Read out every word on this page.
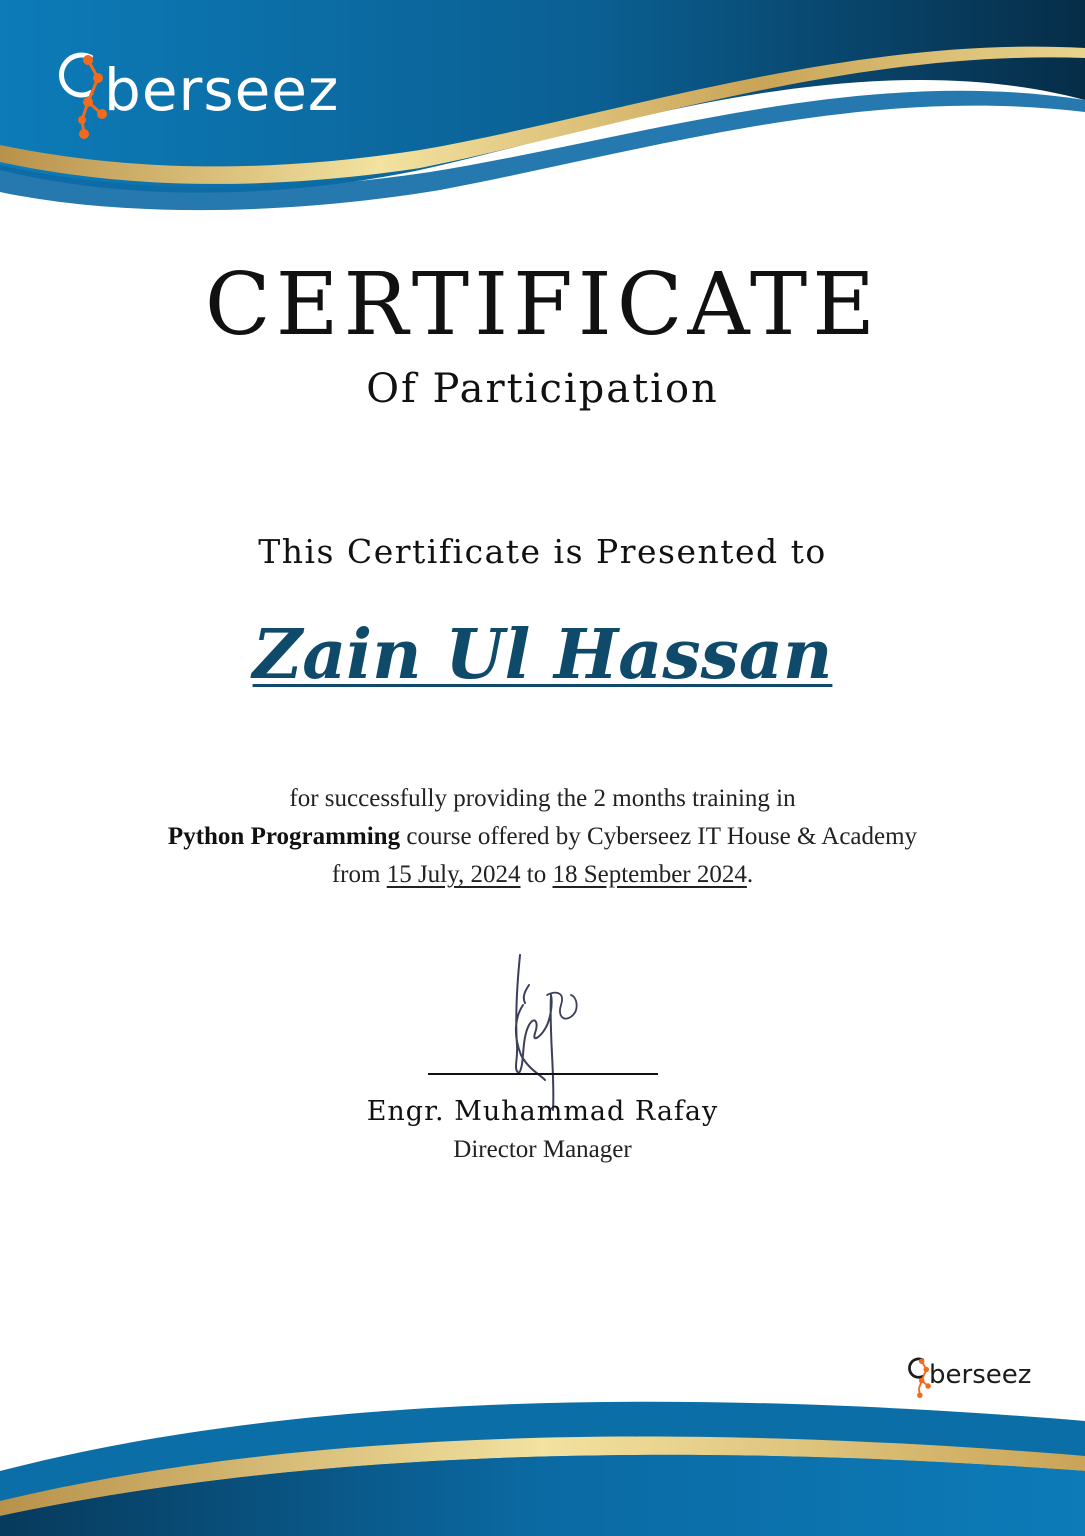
berseez
CERTIFICATE
Of Participation
This Certificate is Presented to
Zain Ul Hassan
for successfully providing the 2 months training in
Python Programming course offered by Cyberseez IT House & Academy
from 15 July, 2024 to 18 September 2024.
Engr. Muhammad Rafay
Director Manager
berseez
